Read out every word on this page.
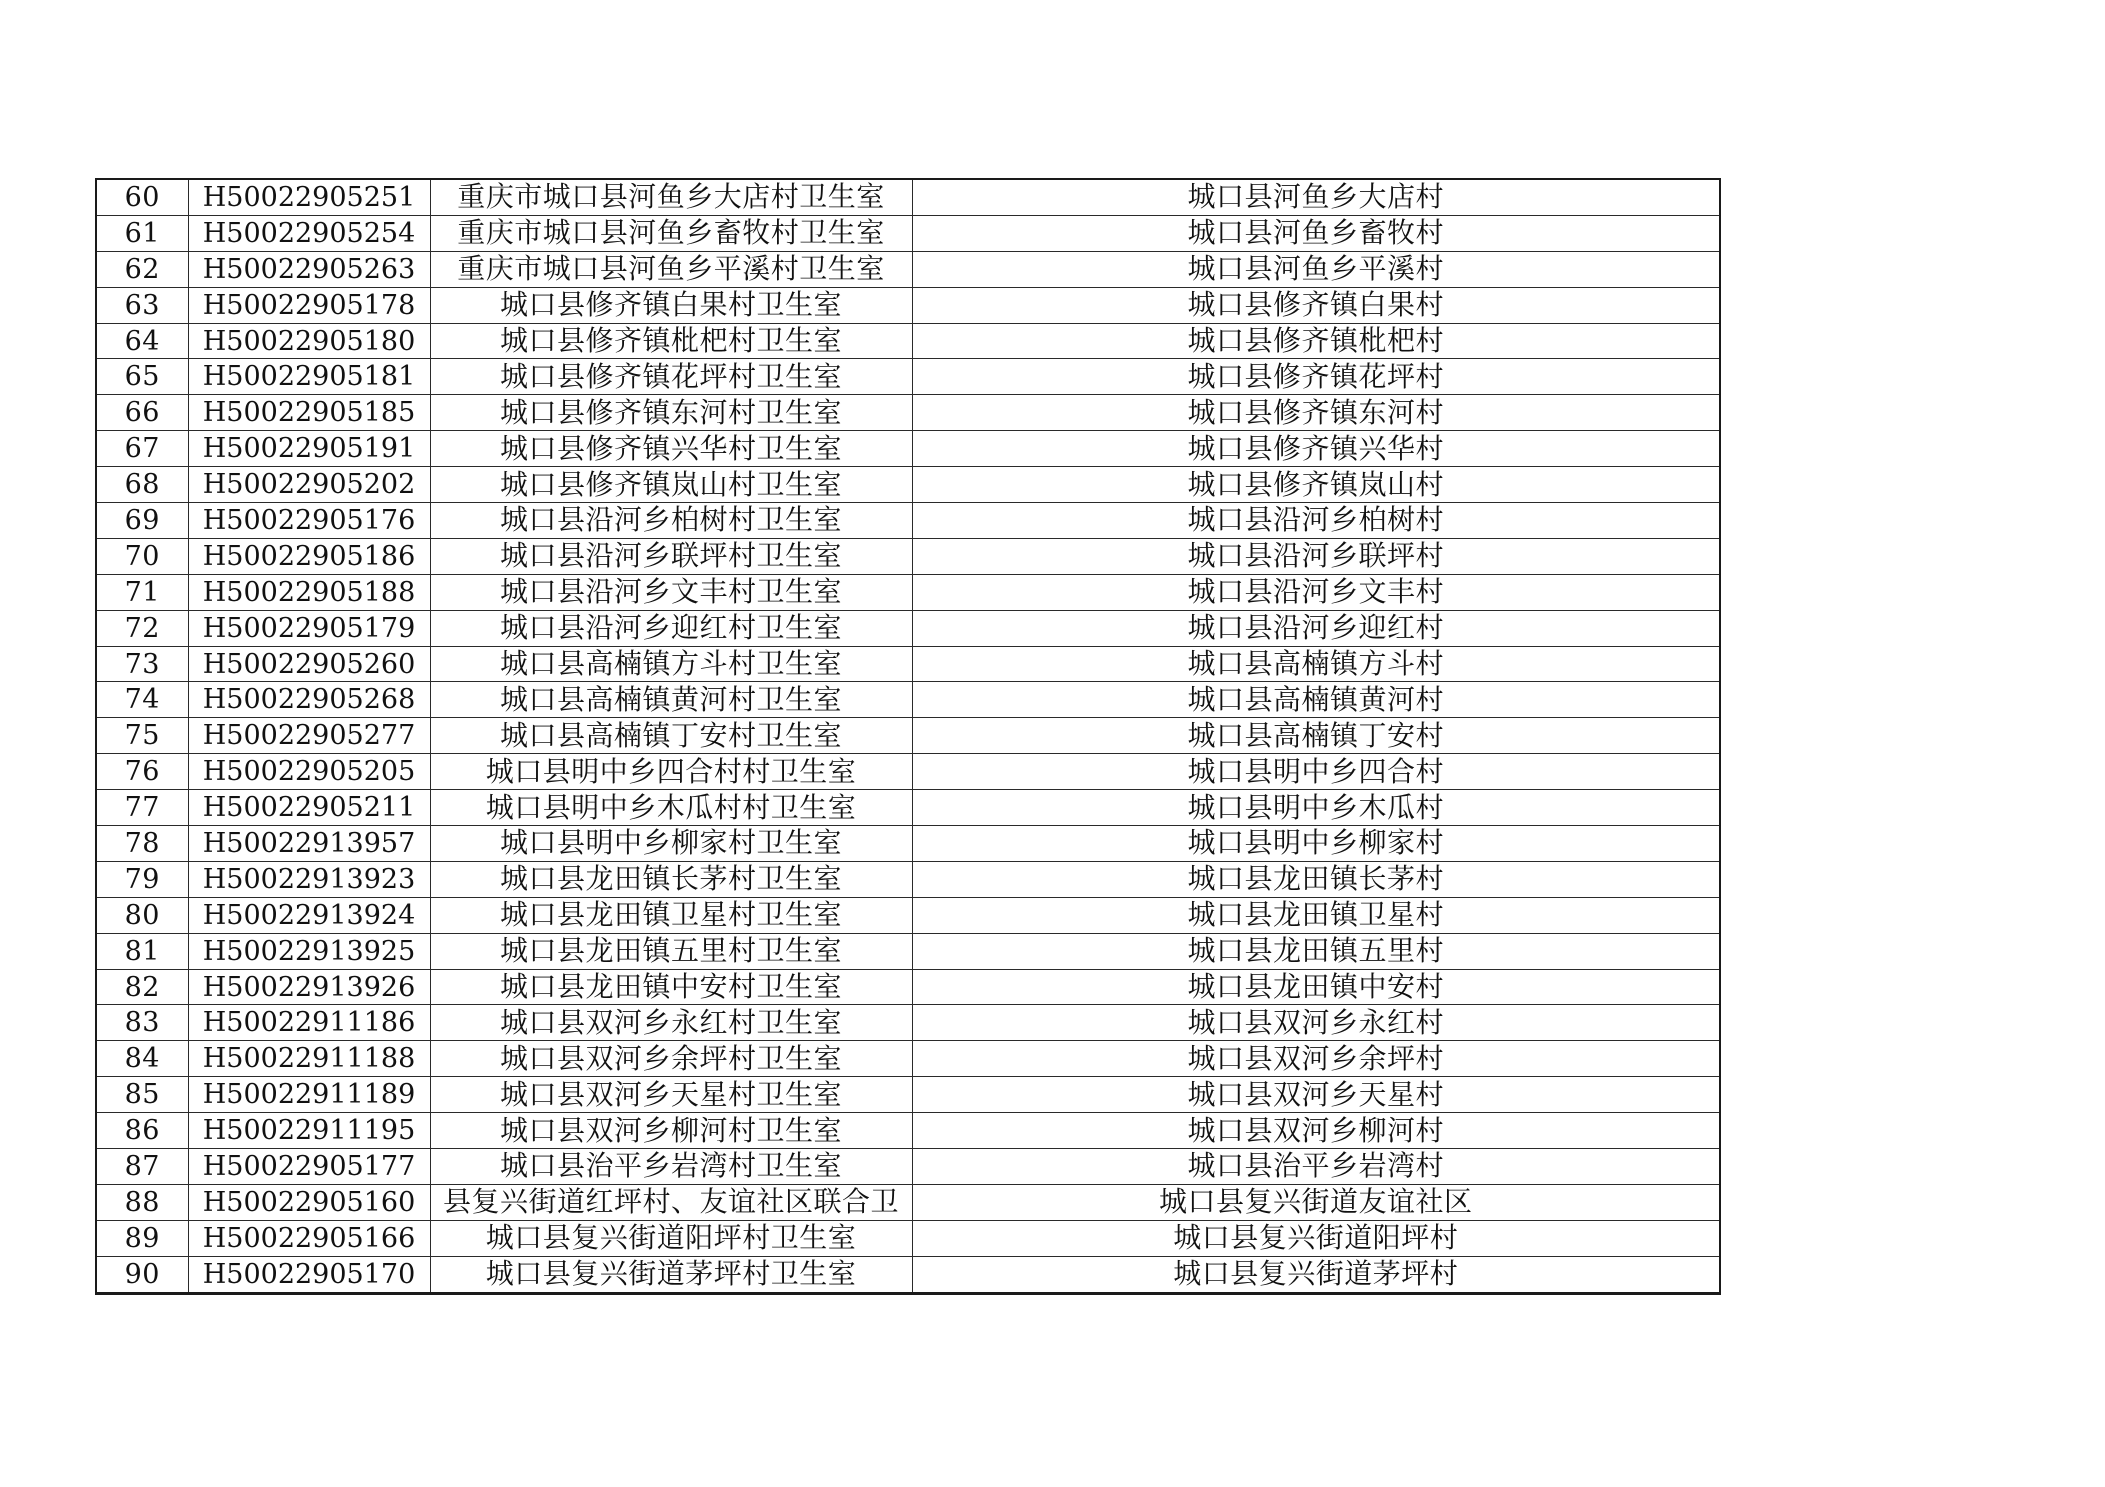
60	H50022905251	重庆市城口县河鱼乡大店村卫生室	城口县河鱼乡大店村
61	H50022905254	重庆市城口县河鱼乡畜牧村卫生室	城口县河鱼乡畜牧村
62	H50022905263	重庆市城口县河鱼乡平溪村卫生室	城口县河鱼乡平溪村
63	H50022905178	城口县修齐镇白果村卫生室	城口县修齐镇白果村
64	H50022905180	城口县修齐镇枇杷村卫生室	城口县修齐镇枇杷村
65	H50022905181	城口县修齐镇花坪村卫生室	城口县修齐镇花坪村
66	H50022905185	城口县修齐镇东河村卫生室	城口县修齐镇东河村
67	H50022905191	城口县修齐镇兴华村卫生室	城口县修齐镇兴华村
68	H50022905202	城口县修齐镇岚山村卫生室	城口县修齐镇岚山村
69	H50022905176	城口县沿河乡柏树村卫生室	城口县沿河乡柏树村
70	H50022905186	城口县沿河乡联坪村卫生室	城口县沿河乡联坪村
71	H50022905188	城口县沿河乡文丰村卫生室	城口县沿河乡文丰村
72	H50022905179	城口县沿河乡迎红村卫生室	城口县沿河乡迎红村
73	H50022905260	城口县高楠镇方斗村卫生室	城口县高楠镇方斗村
74	H50022905268	城口县高楠镇黄河村卫生室	城口县高楠镇黄河村
75	H50022905277	城口县高楠镇丁安村卫生室	城口县高楠镇丁安村
76	H50022905205	城口县明中乡四合村村卫生室	城口县明中乡四合村
77	H50022905211	城口县明中乡木瓜村村卫生室	城口县明中乡木瓜村
78	H50022913957	城口县明中乡柳家村卫生室	城口县明中乡柳家村
79	H50022913923	城口县龙田镇长茅村卫生室	城口县龙田镇长茅村
80	H50022913924	城口县龙田镇卫星村卫生室	城口县龙田镇卫星村
81	H50022913925	城口县龙田镇五里村卫生室	城口县龙田镇五里村
82	H50022913926	城口县龙田镇中安村卫生室	城口县龙田镇中安村
83	H50022911186	城口县双河乡永红村卫生室	城口县双河乡永红村
84	H50022911188	城口县双河乡余坪村卫生室	城口县双河乡余坪村
85	H50022911189	城口县双河乡天星村卫生室	城口县双河乡天星村
86	H50022911195	城口县双河乡柳河村卫生室	城口县双河乡柳河村
87	H50022905177	城口县治平乡岩湾村卫生室	城口县治平乡岩湾村
88	H50022905160	县复兴街道红坪村、友谊社区联合卫	城口县复兴街道友谊社区
89	H50022905166	城口县复兴街道阳坪村卫生室	城口县复兴街道阳坪村
90	H50022905170	城口县复兴街道茅坪村卫生室	城口县复兴街道茅坪村
